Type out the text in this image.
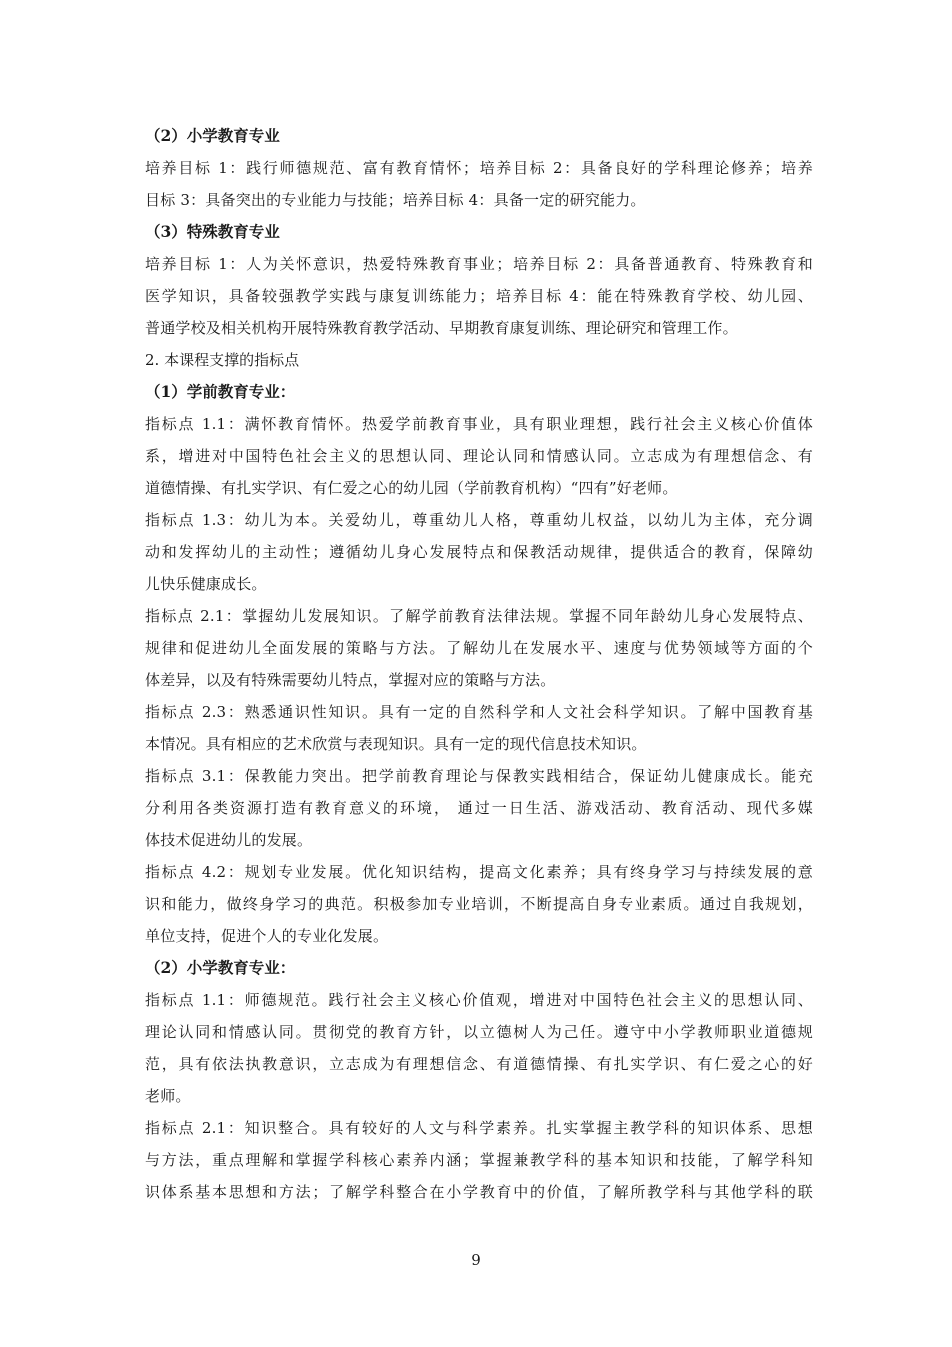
（2）小学教育专业
培养目标 1：践行师德规范、富有教育情怀；培养目标 2：具备良好的学科理论修养；培养
目标 3：具备突出的专业能力与技能；培养目标 4：具备一定的研究能力。
（3）特殊教育专业
培养目标 1：人为关怀意识，热爱特殊教育事业；培养目标 2：具备普通教育、特殊教育和
医学知识，具备较强教学实践与康复训练能力；培养目标 4：能在特殊教育学校、幼儿园、
普通学校及相关机构开展特殊教育教学活动、早期教育康复训练、理论研究和管理工作。
2. 本课程支撑的指标点
（1）学前教育专业：
指标点 1.1：满怀教育情怀。热爱学前教育事业，具有职业理想，践行社会主义核心价值体
系，增进对中国特色社会主义的思想认同、理论认同和情感认同。立志成为有理想信念、有
道德情操、有扎实学识、有仁爱之心的幼儿园（学前教育机构）“四有”好老师。
指标点 1.3：幼儿为本。关爱幼儿，尊重幼儿人格，尊重幼儿权益，以幼儿为主体，充分调
动和发挥幼儿的主动性；遵循幼儿身心发展特点和保教活动规律，提供适合的教育，保障幼
儿快乐健康成长。
指标点 2.1：掌握幼儿发展知识。了解学前教育法律法规。掌握不同年龄幼儿身心发展特点、
规律和促进幼儿全面发展的策略与方法。了解幼儿在发展水平、速度与优势领域等方面的个
体差异，以及有特殊需要幼儿特点，掌握对应的策略与方法。
指标点 2.3：熟悉通识性知识。具有一定的自然科学和人文社会科学知识。了解中国教育基
本情况。具有相应的艺术欣赏与表现知识。具有一定的现代信息技术知识。
指标点 3.1：保教能力突出。把学前教育理论与保教实践相结合，保证幼儿健康成长。能充
分利用各类资源打造有教育意义的环境， 通过一日生活、游戏活动、教育活动、现代多媒
体技术促进幼儿的发展。
指标点 4.2：规划专业发展。优化知识结构，提高文化素养；具有终身学习与持续发展的意
识和能力，做终身学习的典范。积极参加专业培训，不断提高自身专业素质。通过自我规划，
单位支持，促进个人的专业化发展。
（2）小学教育专业：
指标点 1.1：师德规范。践行社会主义核心价值观，增进对中国特色社会主义的思想认同、
理论认同和情感认同。贯彻党的教育方针，以立德树人为己任。遵守中小学教师职业道德规
范，具有依法执教意识，立志成为有理想信念、有道德情操、有扎实学识、有仁爱之心的好
老师。
指标点 2.1：知识整合。具有较好的人文与科学素养。扎实掌握主教学科的知识体系、思想
与方法，重点理解和掌握学科核心素养内涵；掌握兼教学科的基本知识和技能，了解学科知
识体系基本思想和方法；了解学科整合在小学教育中的价值，了解所教学科与其他学科的联
9
